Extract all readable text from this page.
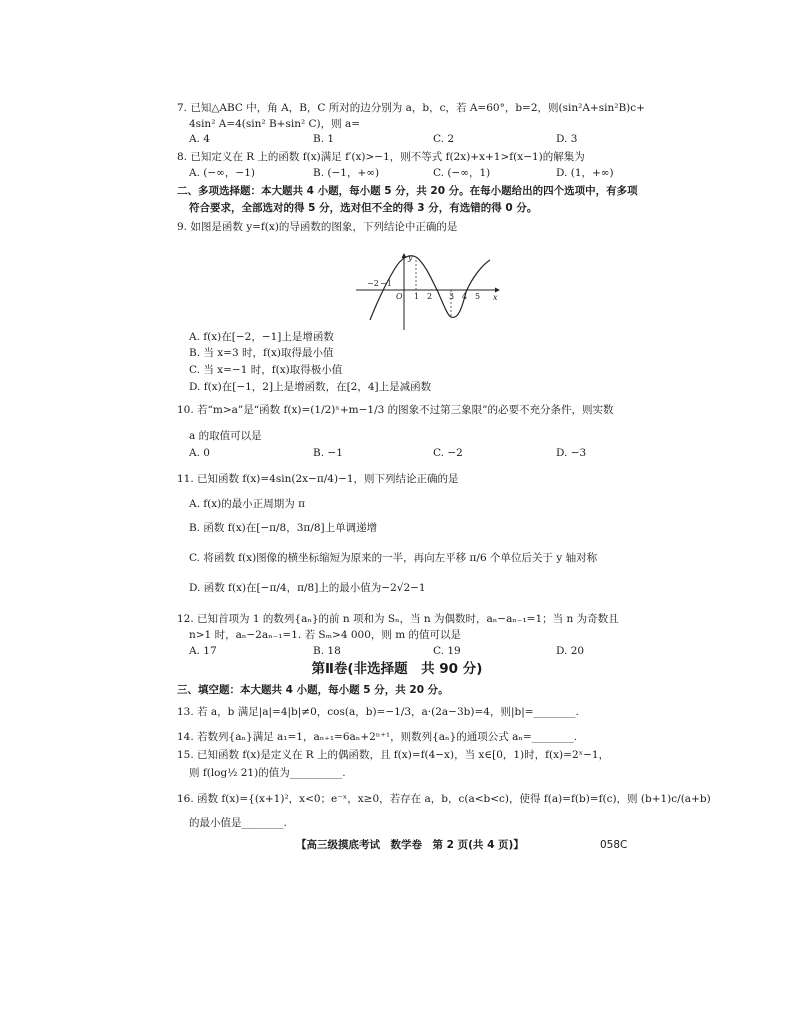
7. 已知△ABC 中，角 A，B，C 所对的边分别为 a，b，c，若 A=60°，b=2，则(sin²A+sin²B)c+
4sin² A=4(sin² B+sin² C)，则 a=
A. 4	B. 1	C. 2	D. 3
8. 已知定义在 R 上的函数 f(x)满足 f′(x)>−1，则不等式 f(2x)+x+1>f(x−1)的解集为
A. (−∞，−1)	B. (−1，+∞)	C. (−∞，1)	D. (1，+∞)
二、多项选择题：本大题共 4 小题，每小题 5 分，共 20 分。在每小题给出的四个选项中，有多项
符合要求，全部选对的得 5 分，选对但不全的得 3 分，有选错的得 0 分。
9. 如图是函数 y=f(x)的导函数的图象，下列结论中正确的是
y
x
O
−2 −1
1 2 3 4 5
A. f(x)在[−2，−1]上是增函数
B. 当 x=3 时，f(x)取得最小值
C. 当 x=−1 时，f(x)取得极小值
D. f(x)在[−1，2]上是增函数，在[2，4]上是减函数
10. 若“m>a”是“函数 f(x)=(1/2)ˣ+m−1/3 的图象不过第三象限”的必要不充分条件，则实数
a 的取值可以是
A. 0	B. −1	C. −2	D. −3
11. 已知函数 f(x)=4sin(2x−π/4)−1，则下列结论正确的是
A. f(x)的最小正周期为 π
B. 函数 f(x)在[−π/8，3π/8]上单调递增
C. 将函数 f(x)图像的横坐标缩短为原来的一半，再向左平移 π/6 个单位后关于 y 轴对称
D. 函数 f(x)在[−π/4，π/8]上的最小值为−2√2−1
12. 已知首项为 1 的数列{aₙ}的前 n 项和为 Sₙ，当 n 为偶数时，aₙ−aₙ₋₁=1；当 n 为奇数且
n>1 时，aₙ−2aₙ₋₁=1. 若 Sₘ>4 000，则 m 的值可以是
A. 17	B. 18	C. 19	D. 20
第Ⅱ卷(非选择题　共 90 分)
三、填空题：本大题共 4 小题，每小题 5 分，共 20 分。
13. 若 a，b 满足|a|=4|b|≠0，cos(a，b)=−1/3，a·(2a−3b)=4，则|b|=________.
14. 若数列{aₙ}满足 a₁=1，aₙ₊₁=6aₙ+2ⁿ⁺¹，则数列{aₙ}的通项公式 aₙ=________.
15. 已知函数 f(x)是定义在 R 上的偶函数，且 f(x)=f(4−x)，当 x∈[0，1)时，f(x)=2ˣ−1，
则 f(log½ 21)的值为__________.
16. 函数 f(x)={(x+1)²，x<0；e⁻ˣ，x≥0，若存在 a，b，c(a<b<c)，使得 f(a)=f(b)=f(c)，则 (b+1)c/(a+b)
的最小值是________.
【高三级摸底考试　数学卷　第 2 页(共 4 页)】	058C
